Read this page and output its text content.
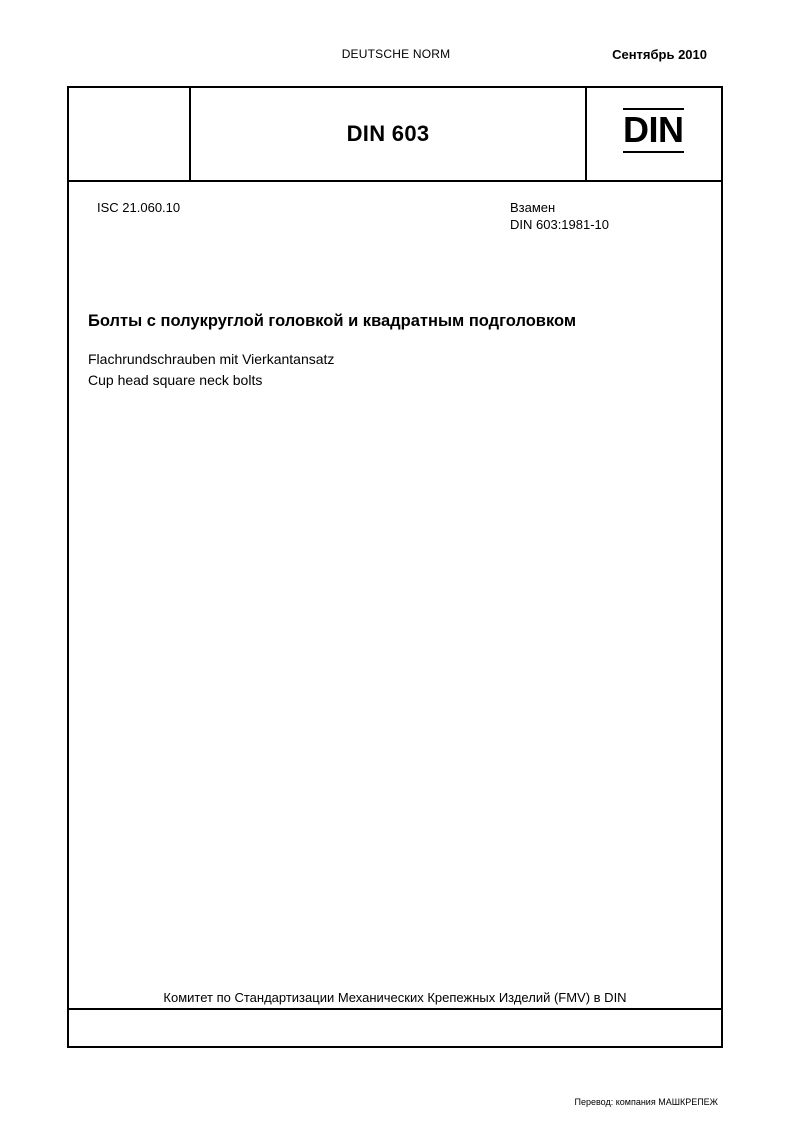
DEUTSCHE NORM	Сентябрь 2010
DIN 603	DIN
ISC 21.060.10	Взамен
DIN 603:1981-10
Болты с полукруглой головкой и квадратным подголовком
Flachrundschrauben mit Vierkantansatz
Cup head square neck bolts
Комитет по Стандартизации Механических Крепежных Изделий (FMV) в DIN
Перевод: компания МАШКРЕПЕЖ
